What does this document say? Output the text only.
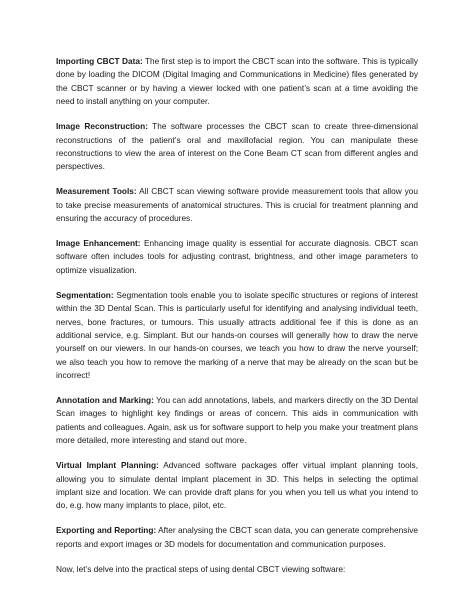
Importing CBCT Data: The first step is to import the CBCT scan into the software. This is typically done by loading the DICOM (Digital Imaging and Communications in Medicine) files generated by the CBCT scanner or by having a viewer locked with one patient’s scan at a time avoiding the need to install anything on your computer.

Image Reconstruction: The software processes the CBCT scan to create three-dimensional reconstructions of the patient’s oral and maxillofacial region. You can manipulate these reconstructions to view the area of interest on the Cone Beam CT scan from different angles and perspectives.

Measurement Tools: All CBCT scan viewing software provide measurement tools that allow you to take precise measurements of anatomical structures. This is crucial for treatment planning and ensuring the accuracy of procedures.

Image Enhancement: Enhancing image quality is essential for accurate diagnosis. CBCT scan software often includes tools for adjusting contrast, brightness, and other image parameters to optimize visualization.

Segmentation: Segmentation tools enable you to isolate specific structures or regions of interest within the 3D Dental Scan. This is particularly useful for identifying and analysing individual teeth, nerves, bone fractures, or tumours. This usually attracts additional fee if this is done as an additional service, e.g. Simplant. But our hands-on courses will generally how to draw the nerve yourself on our viewers. In our hands-on courses, we teach you how to draw the nerve yourself; we also teach you how to remove the marking of a nerve that may be already on the scan but be incorrect!

Annotation and Marking: You can add annotations, labels, and markers directly on the 3D Dental Scan images to highlight key findings or areas of concern. This aids in communication with patients and colleagues. Again, ask us for software support to help you make your treatment plans more detailed, more interesting and stand out more.

Virtual Implant Planning: Advanced software packages offer virtual implant planning tools, allowing you to simulate dental implant placement in 3D. This helps in selecting the optimal implant size and location. We can provide draft plans for you when you tell us what you intend to do, e.g. how many implants to place, pilot, etc.

Exporting and Reporting: After analysing the CBCT scan data, you can generate comprehensive reports and export images or 3D models for documentation and communication purposes.

Now, let’s delve into the practical steps of using dental CBCT viewing software:
